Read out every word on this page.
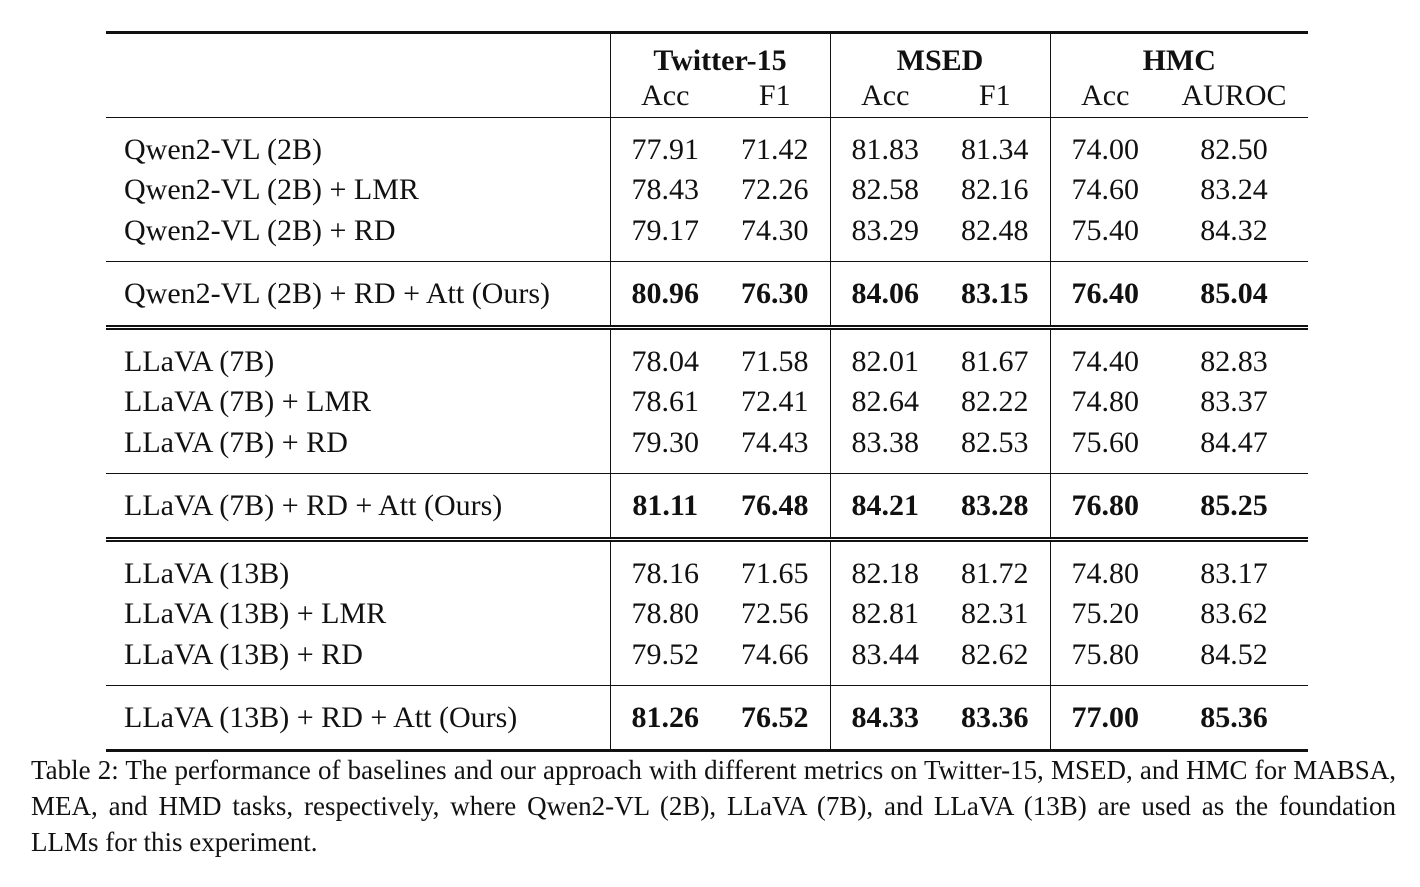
	Twitter-15		MSED		HMC	
	Acc	F1	Acc	F1	Acc	AUROC
Qwen2-VL (2B)	77.91	71.42	81.83	81.34	74.00	82.50
Qwen2-VL (2B) + LMR	78.43	72.26	82.58	82.16	74.60	83.24
Qwen2-VL (2B) + RD	79.17	74.30	83.29	82.48	75.40	84.32
Qwen2-VL (2B) + RD + Att (Ours)	80.96	76.30	84.06	83.15	76.40	85.04
LLaVA (7B)	78.04	71.58	82.01	81.67	74.40	82.83
LLaVA (7B) + LMR	78.61	72.41	82.64	82.22	74.80	83.37
LLaVA (7B) + RD	79.30	74.43	83.38	82.53	75.60	84.47
LLaVA (7B) + RD + Att (Ours)	81.11	76.48	84.21	83.28	76.80	85.25
LLaVA (13B)	78.16	71.65	82.18	81.72	74.80	83.17
LLaVA (13B) + LMR	78.80	72.56	82.81	82.31	75.20	83.62
LLaVA (13B) + RD	79.52	74.66	83.44	82.62	75.80	84.52
LLaVA (13B) + RD + Att (Ours)	81.26	76.52	84.33	83.36	77.00	85.36
Table 2: The performance of baselines and our approach with different metrics on Twitter-15, MSED, and HMC for MABSA, MEA, and HMD tasks, respectively, where Qwen2-VL (2B), LLaVA (7B), and LLaVA (13B) are used as the foundation LLMs for this experiment.
